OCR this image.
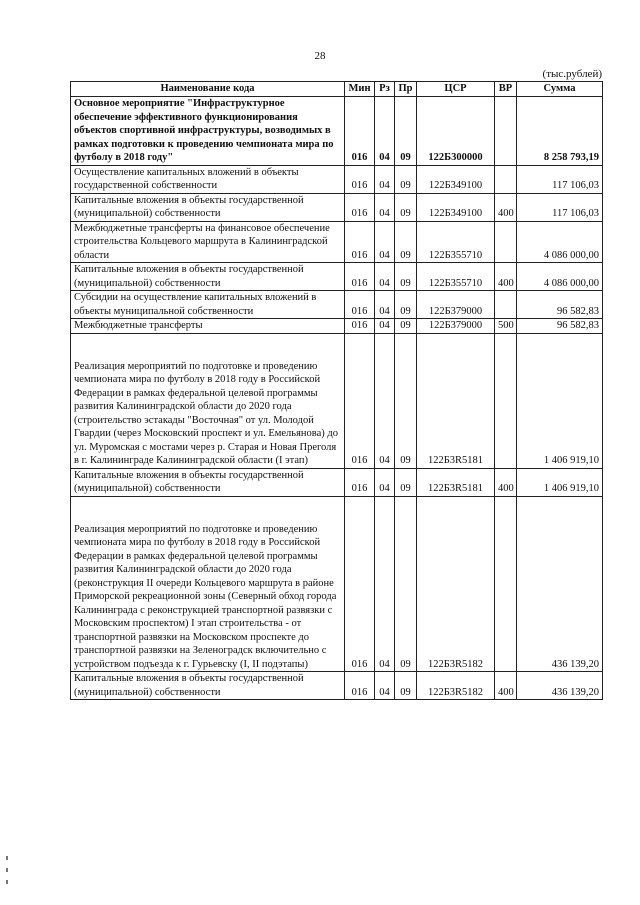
28
(тыс.рублей)
Наименование кода	Мин	Рз	Пр	ЦСР	ВР	Сумма
Основное мероприятие "Инфраструктурное обеспечение эффективного функционирования объектов спортивной инфраструктуры, возводимых в рамках подготовки к проведению чемпионата мира по футболу в 2018 году"	016	04	09	122Б300000		8 258 793,19
Осуществление капитальных вложений в объекты государственной собственности	016	04	09	122Б349100		117 106,03
Капитальные вложения в объекты государственной (муниципальной) собственности	016	04	09	122Б349100	400	117 106,03
Межбюджетные трансферты на финансовое обеспечение строительства Кольцевого маршрута в Калининградской области	016	04	09	122Б355710		4 086 000,00
Капитальные вложения в объекты государственной (муниципальной) собственности	016	04	09	122Б355710	400	4 086 000,00
Субсидии на осуществление капитальных вложений в объекты муниципальной собственности	016	04	09	122Б379000		96 582,83
Межбюджетные трансферты	016	04	09	122Б379000	500	96 582,83
Реализация мероприятий по подготовке и проведению чемпионата мира по футболу в 2018 году в Российской Федерации в рамках федеральной целевой программы развития Калининградской области до 2020 года (строительство эстакады "Восточная" от ул. Молодой Гвардии (через Московский проспект и ул. Емельянова) до ул. Муромская с мостами через р. Старая и Новая Преголя в г. Калининграде Калининградской области (I этап)	016	04	09	122Б3R5181		1 406 919,10
Капитальные вложения в объекты государственной (муниципальной) собственности	016	04	09	122Б3R5181	400	1 406 919,10
Реализация мероприятий по подготовке и проведению чемпионата мира по футболу в 2018 году в Российской Федерации в рамках федеральной целевой программы развития Калининградской области до 2020 года (реконструкция II очереди Кольцевого маршрута в районе Приморской рекреационной зоны (Северный обход города Калининграда с реконструкцией транспортной развязки с Московским проспектом) I этап строительства - от транспортной развязки на Московском проспекте до транспортной развязки на Зеленоградск включительно с устройством подъезда к г. Гурьевску (I, II подэтапы)	016	04	09	122Б3R5182		436 139,20
Капитальные вложения в объекты государственной (муниципальной) собственности	016	04	09	122Б3R5182	400	436 139,20
